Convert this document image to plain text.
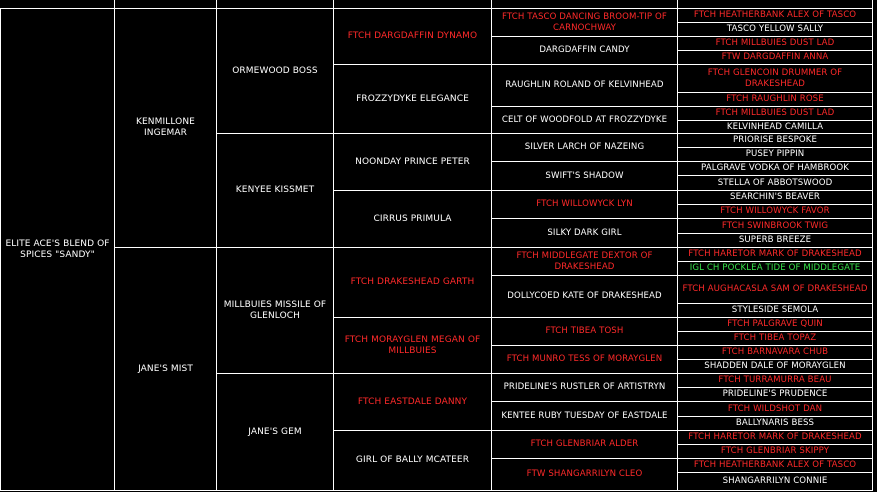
ELITE ACE'S BLEND OF SPICES "SANDY"
KENMILLONE INGEMAR
JANE'S MIST
ORMEWOOD BOSS
KENYEE KISSMET
MILLBUIES MISSILE OF GLENLOCH
JANE'S GEM
FTCH DARGDAFFIN DYNAMO
FROZZYDYKE ELEGANCE
NOONDAY PRINCE PETER
CIRRUS PRIMULA
FTCH DRAKESHEAD GARTH
FTCH MORAYGLEN MEGAN OF MILLBUIES
FTCH EASTDALE DANNY
GIRL OF BALLY MCATEER
FTCH TASCO DANCING BROOM-TIP OF CARNOCHWAY
DARGDAFFIN CANDY
RAUGHLIN ROLAND OF KELVINHEAD
CELT OF WOODFOLD AT FROZZYDYKE
SILVER LARCH OF NAZEING
SWIFT'S SHADOW
FTCH WILLOWYCK LYN
SILKY DARK GIRL
FTCH MIDDLEGATE DEXTOR OF DRAKESHEAD
DOLLYCOED KATE OF DRAKESHEAD
FTCH TIBEA TOSH
FTCH MUNRO TESS OF MORAYGLEN
PRIDELINE'S RUSTLER OF ARTISTRYN
KENTEE RUBY TUESDAY OF EASTDALE
FTCH GLENBRIAR ALDER
FTW SHANGARRILYN CLEO
FTCH HEATHERBANK ALEX OF TASCO
TASCO YELLOW SALLY
FTCH MILLBUIES DUST LAD
FTW DARGDAFFIN ANNA
FTCH GLENCOIN DRUMMER OF DRAKESHEAD
FTCH RAUGHLIN ROSE
FTCH MILLBUIES DUST LAD
KELVINHEAD CAMILLA
PRIORISE BESPOKE
PUSEY PIPPIN
PALGRAVE VODKA OF HAMBROOK
STELLA OF ABBOTSWOOD
SEARCHIN'S BEAVER
FTCH WILLOWYCK FAVOR
FTCH SWINBROOK TWIG
SUPERB BREEZE
FTCH HARETOR MARK OF DRAKESHEAD
IGL CH POCKLEA TIDE OF MIDDLEGATE
FTCH AUGHACASLA SAM OF DRAKESHEAD
STYLESIDE SEMOLA
FTCH PALGRAVE QUIN
FTCH TIBEA TOPAZ
FTCH BARNAVARA CHUB
SHADDEN DALE OF MORAYGLEN
FTCH TURRAMURRA BEAU
PRIDELINE'S PRUDENCE
FTCH WILDSHOT DAN
BALLYNARIS BESS
FTCH HARETOR MARK OF DRAKESHEAD
FTCH GLENBRIAR SKIPPY
FTCH HEATHERBANK ALEX OF TASCO
SHANGARRILYN CONNIE
